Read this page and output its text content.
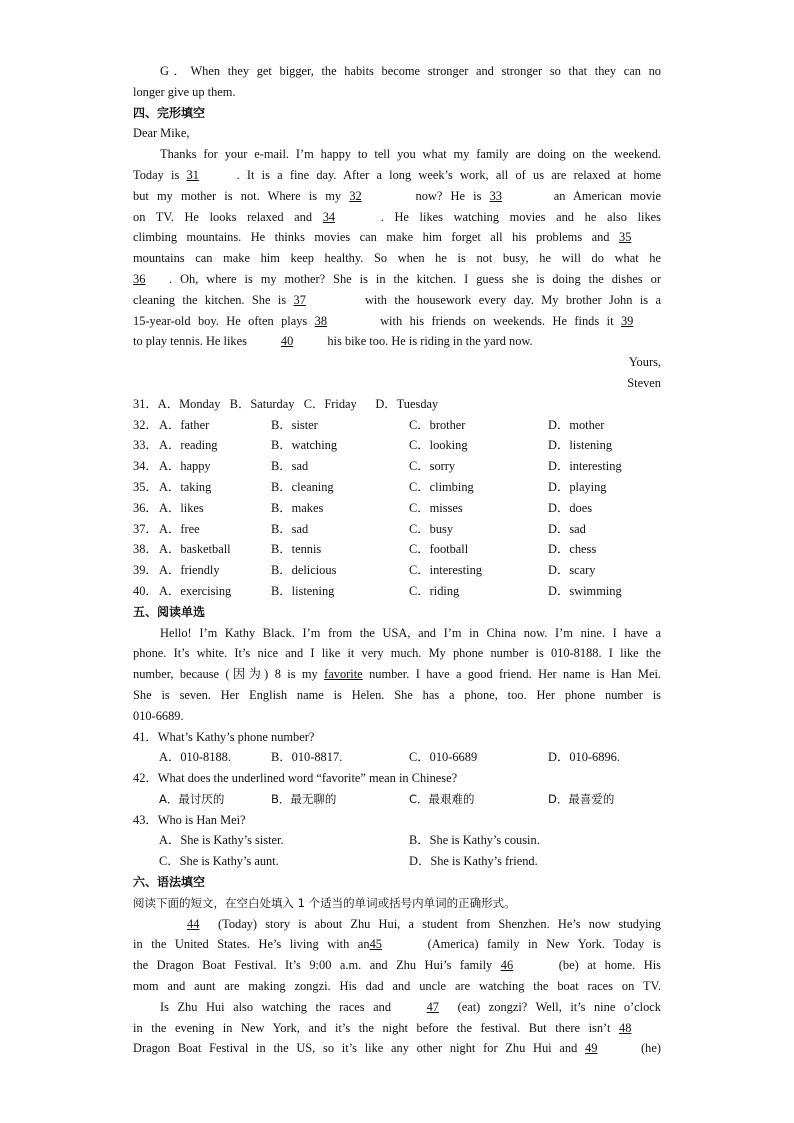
G．When they get bigger, the habits become stronger and stronger so that they can no
longer give up them.
四、完形填空
Dear Mike,
Thanks for your e-mail. I’m happy to tell you what my family are doing on the weekend.
Today is 31	. It is a fine day. After a long week’s work, all of us are relaxed at home
but my mother is not. Where is my 32	now? He is 33	an American movie
on TV. He looks relaxed and 34	. He likes watching movies and he also likes
climbing mountains. He thinks movies can make him forget all his problems and 35
mountains can make him keep healthy. So when he is not busy, he will do what he
36 . Oh, where is my mother? She is in the kitchen. I guess she is doing the dishes or
cleaning the kitchen. She is 37	with the housework every day. My brother John is a
15-year-old boy. He often plays 38	with his friends on weekends. He finds it 39
to play tennis. He likes	40	his bike too. He is riding in the yard now.
Yours,
Steven
31．A．Monday B．Saturday C．Friday D．Tuesday
32． A．father	B．sister	C．brother	D．mother
33． A．reading	B．watching	C．looking	D．listening
34． A．happy	B．sad	C．sorry	D．interesting
35． A．taking	B．cleaning	C．climbing	D．playing
36． A．likes	B．makes	C．misses	D．does
37． A．free	B．sad	C．busy	D．sad
38． A．basketball	B．tennis	C．football	D．chess
39． A．friendly	B．delicious	C．interesting	D．scary
40． A．exercising	B．listening	C．riding	D．swimming
五、阅读单选
Hello! I’m Kathy Black. I’m from the USA, and I’m in China now. I’m nine. I have a
phone. It’s white. It’s nice and I like it very much. My phone number is 010-8188. I like the
number, because (因为) 8 is my favorite number. I have a good friend. Her name is Han Mei.
She is seven. Her English name is Helen. She has a phone, too. Her phone number is
010-6689.
41．What’s Kathy’s phone number?
A．010-8188.	B．010-8817.	C．010-6689	D．010-6896.
42．What does the underlined word “favorite” mean in Chinese?
A．最讨厌的	B．最无聊的	C．最艰难的	D．最喜爱的
43．Who is Han Mei?
A．She is Kathy’s sister.	B．She is Kathy’s cousin.
C．She is Kathy’s aunt.	D．She is Kathy’s friend.
六、语法填空
阅读下面的短文，在空白处填入 1 个适当的单词或括号内单词的正确形式。
44 (Today) story is about Zhu Hui, a student from Shenzhen. He’s now studying
in the United States. He’s living with an45	(America) family in New York. Today is
the Dragon Boat Festival. It’s 9:00 a.m. and Zhu Hui’s family 46	(be) at home. His
mom and aunt are making zongzi. His dad and uncle are watching the boat races on TV.
Is Zhu Hui also watching the races and	47 (eat) zongzi? Well, it’s nine o’clock
in the evening in New York, and it’s the night before the festival. But there isn’t 48
Dragon Boat Festival in the US, so it’s like any other night for Zhu Hui and 49	(he)
